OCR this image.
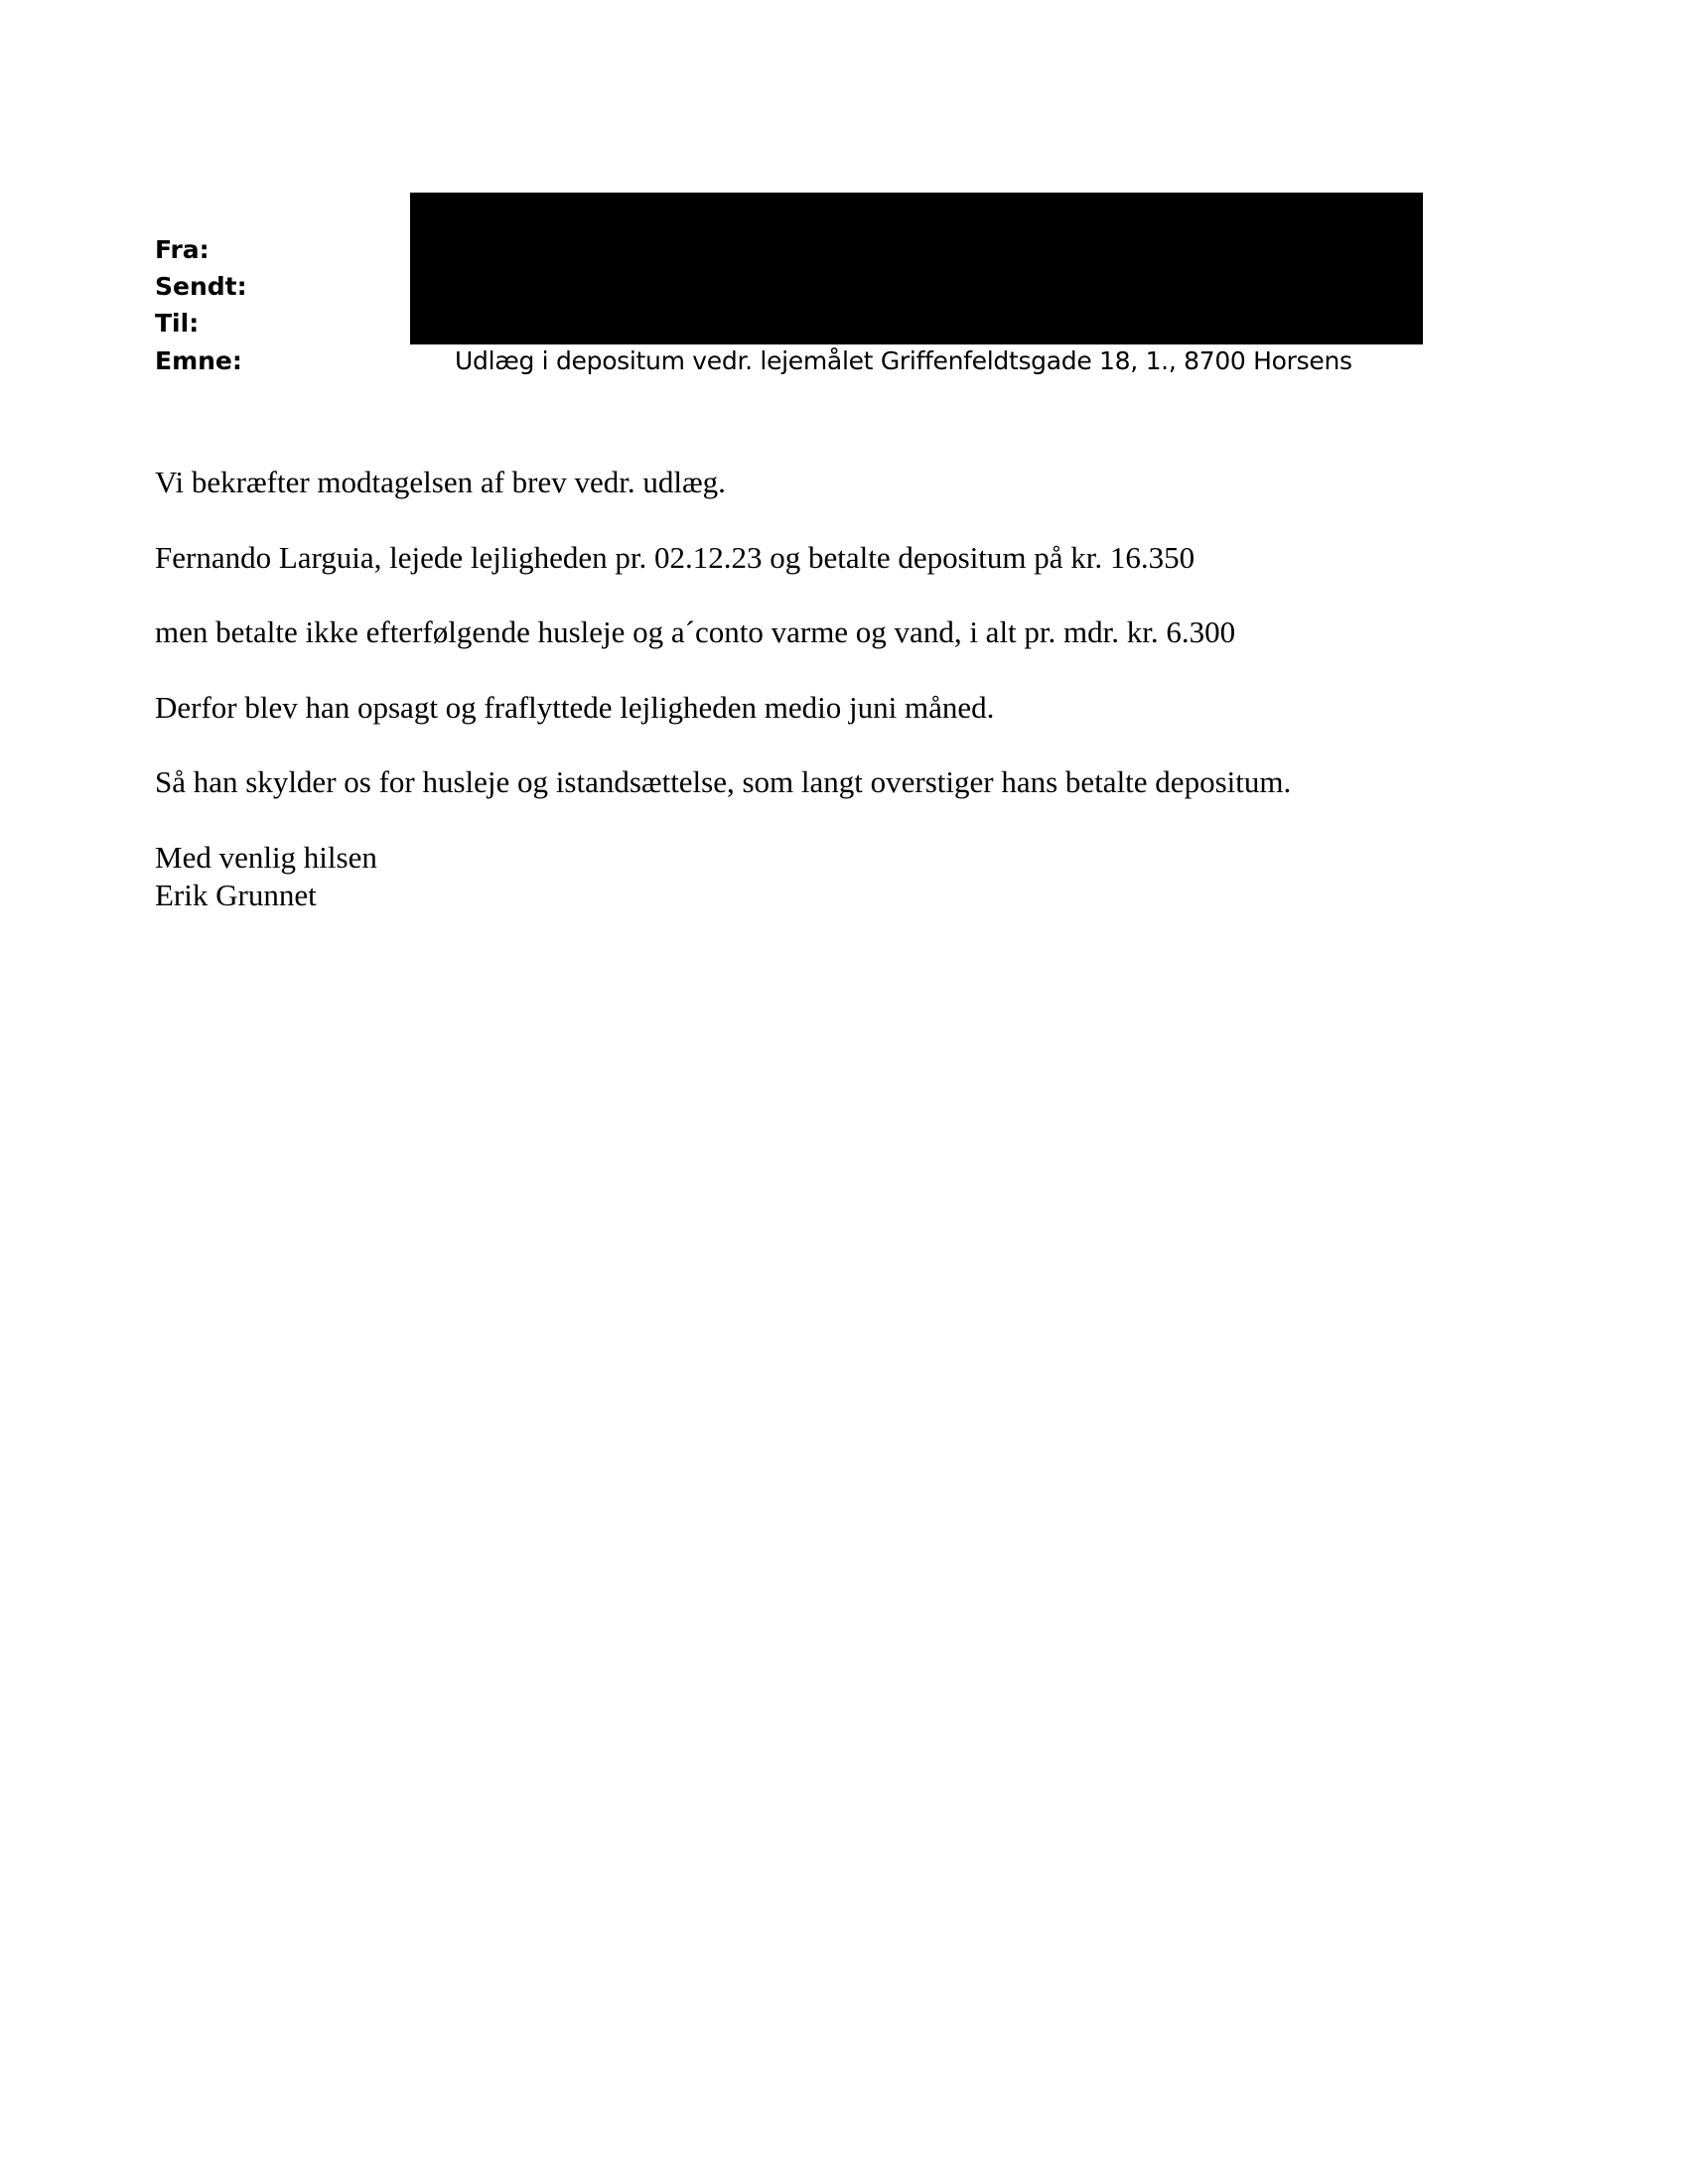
Fra:
Sendt:
Til:
Emne:	Udlæg i depositum vedr. lejemålet Griffenfeldtsgade 18, 1., 8700 Horsens
Vi bekræfter modtagelsen af brev vedr. udlæg.
Fernando Larguia, lejede lejligheden pr. 02.12.23 og betalte depositum på kr. 16.350
men betalte ikke efterfølgende husleje og a´conto varme og vand, i alt pr. mdr. kr. 6.300
Derfor blev han opsagt og fraflyttede lejligheden medio juni måned.
Så han skylder os for husleje og istandsættelse, som langt overstiger hans betalte depositum.
Med venlig hilsen
Erik Grunnet
